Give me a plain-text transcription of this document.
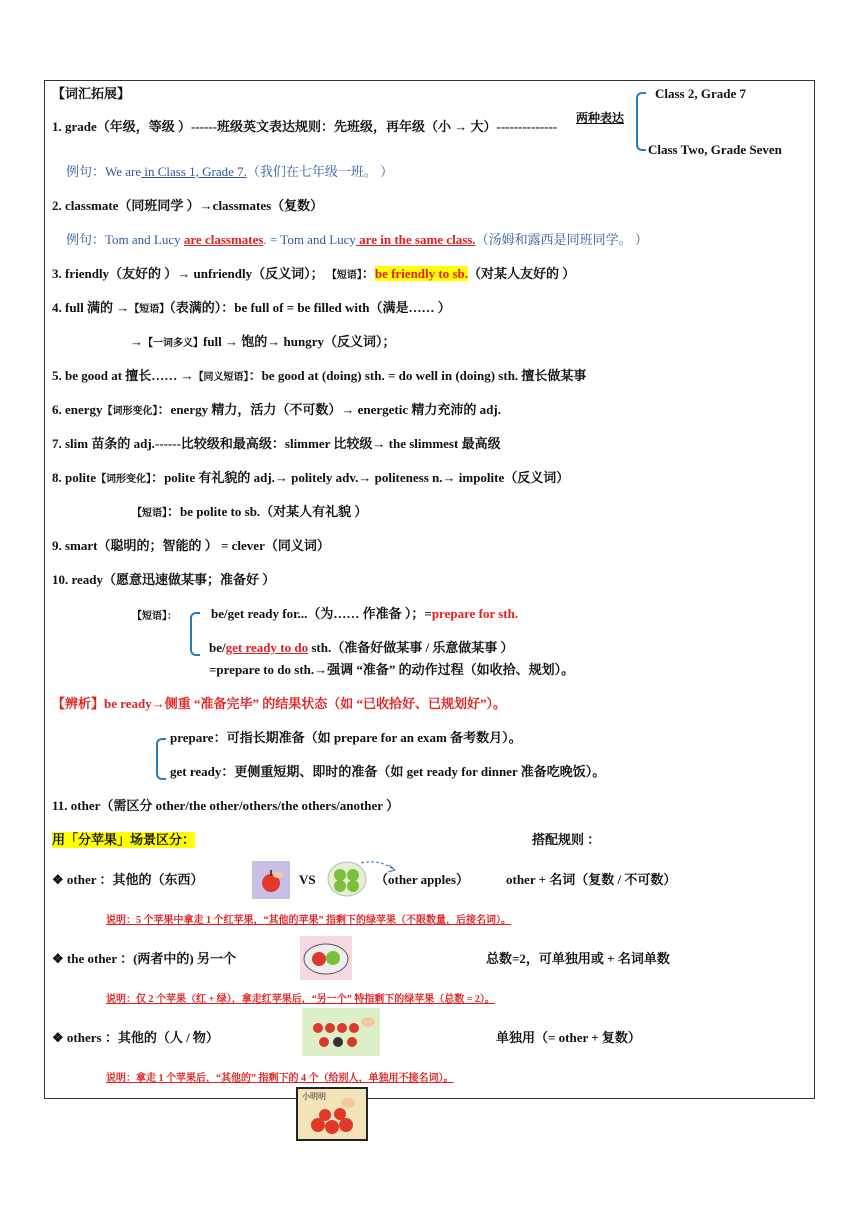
【词汇拓展】	Class 2, Grade 7
Class Two, Grade Seven
两种表达
1. grade（年级，等级 ）------班级英文表达规则：先班级，再年级（小 → 大）--------------
例句：We are in Class 1, Grade 7.（我们在七年级一班。 ）
2. classmate（同班同学 ）→classmates（复数）
例句：Tom and Lucy are classmates. = Tom and Lucy are in the same class.（汤姆和露西是同班同学。 ）
3. friendly（友好的 ）→ unfriendly（反义词）； 【短语】：be friendly to sb.（对某人友好的 ）
4. full 满的 →【短语】（表满的）：be full of = be filled with（满是…… ）
→【一词多义】full → 饱的→ hungry（反义词）；
5. be good at 擅长…… →【同义短语】：be good at (doing) sth. = do well in (doing) sth. 擅长做某事
6. energy【词形变化】：energy 精力，活力（不可数）→ energetic 精力充沛的 adj.
7. slim 苗条的 adj.------比较级和最高级：slimmer 比较级→ the slimmest 最高级
8. polite【词形变化】：polite 有礼貌的 adj.→ politely adv.→ politeness n.→ impolite（反义词）
【短语】：be polite to sb.（对某人有礼貌 ）
9. smart（聪明的；智能的 ） = clever（同义词）
10. ready（愿意迅速做某事；准备好 ）
【短语】：	be/get ready for...（为…… 作准备 ）；=prepare for sth.
be/get ready to do sth.（准备好做某事 / 乐意做某事 ）
=prepare to do sth.→强调 “准备” 的动作过程（如收拾、规划）。
【辨析】be ready→侧重 “准备完毕” 的结果状态（如 “已收拾好、已规划好”）。
prepare：可指长期准备（如 prepare for an exam 备考数月）。
get ready：更侧重短期、即时的准备（如 get ready for dinner 准备吃晚饭）。
11. other（需区分 other/the other/others/the others/another ）
用「分苹果」场景区分：	搭配规则 ：
❖ other ：其他的（东西）	VS	（other apples）	other + 名词（复数 / 不可数）
说明：5 个苹果中拿走 1 个红苹果，“其他的苹果” 指剩下的绿苹果（不限数量，后接名词）。
❖ the other ：(两者中的) 另一个	总数=2，可单独用或 + 名词单数
说明：仅 2 个苹果（红 + 绿），拿走红苹果后，“另一个” 特指剩下的绿苹果（总数 = 2）。
❖ others ：其他的（人 / 物）	单独用（= other + 复数）
说明：拿走 1 个苹果后，“其他的” 指剩下的 4 个（给别人，单独用不接名词）。
小明明
